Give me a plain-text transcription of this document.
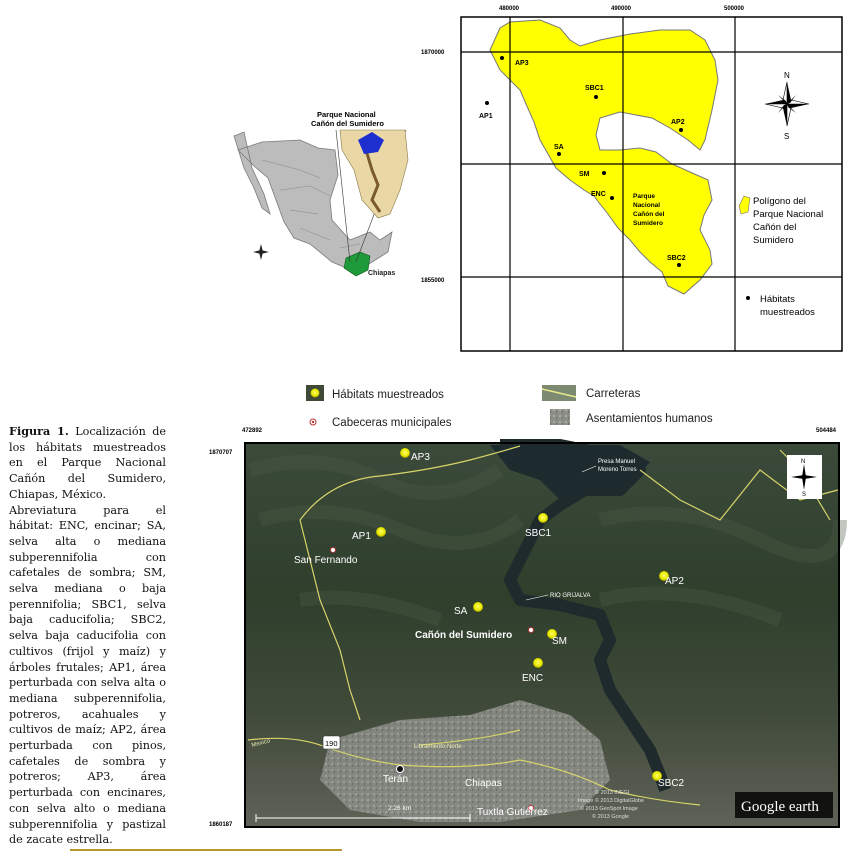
Figura 1. Localización de los hábitats muestreados en el Parque Nacional Cañón del Sumidero, Chiapas, México.
Abreviatura para el hábitat: ENC, encinar; SA, selva alta o mediana subperennifolia con cafetales de sombra; SM, selva mediana o baja perennifolia; SBC1, selva baja caducifolia; SBC2, selva baja caducifolia con cultivos (frijol y maíz) y árboles frutales; AP1, área perturbada con selva alta o mediana subperennifolia, potreros, acahuales y cultivos de maíz; AP2, área perturbada con pinos, cafetales de sombra y potreros; AP3, área perturbada con encinares, con selva alto o mediana subperennifolia y pastizal de zacate estrella.
Chiapas
Parque Nacional
Cañón del Sumidero
480000	490000	500000
1870000
1855000
AP3
AP1
SBC1
AP2
SA
SM
ENC
SBC2
Parque
Nacional
Cañón del
Sumidero
N
S
Polígono del
Parque Nacional
Cañón del
Sumidero
Hábitats
muestreados
Hábitats muestreados
Cabeceras municipales
Carreteras
Asentamientos humanos
472892	504484
1870707
1860187
Google earth
N
S
AP3
AP1	SBC1
AP2
SA
SM
ENC
SBC2
San Fernando
Cañón del Sumidero
Terán	Chiapas
Tuxtla Gutiérrez
Presa Manuel
Moreno Torres
RIO GRIJALVA
190
Mexico	Libramiento Norte
2.26 km
© 2013 INEGI
Image © 2013 DigitalGlobe
© 2013 GeoSpot Image
© 2013 Google
